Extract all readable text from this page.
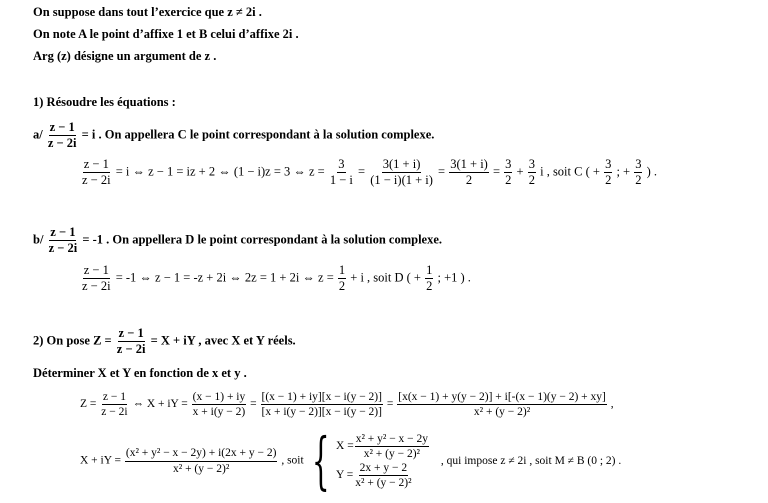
On suppose dans tout l’exercice que z ≠ 2i .
On note A le point d’affixe 1 et B celui d’affixe 2i .
Arg (z) désigne un argument de z .
1) Résoudre les équations :
$a/ \frac{z - 1}{z - 2i} = i$ . On appellera C le point correspondant à la solution complexe.
$\frac{z - 1}{z - 2i} = i$ ⇔ z − 1 = iz + 2 ⇔ (1 − i)z = 3 ⇔ $z = \frac{3}{1 - i} = \frac{3(1 + i)}{(1 - i)(1 + i)} = \frac{3(1 + i)}{2} = \frac{3}{2} + \frac{3}{2}$ i , soit C ( + $\frac{3}{2}$ ; + $\frac{3}{2}$ ) .
$b/ \frac{z - 1}{z - 2i} = -1$ . On appellera D le point correspondant à la solution complexe.
$\frac{z - 1}{z - 2i} = -1$ ⇔ z − 1 = -z + 2i ⇔ 2z = 1 + 2i ⇔ $z = \frac{1}{2} + i$ , soit D ( + $\frac{1}{2}$ ; +1 ) .
2) On pose $Z = \frac{z - 1}{z - 2i} = X$ + iY , avec X et Y réels.
Déterminer X et Y en fonction de x et y .
$Z = \frac{z - 1}{z - 2i}$ ⇔ X + iY = $\frac{(x - 1) + iy}{x + i(y - 2)} = \frac{[(x - 1) + iy][x - i(y - 2)]}{[x + i(y - 2)][x - i(y - 2)]} = \frac{[x(x - 1) + y(y - 2)] + i[-(x - 1)(y - 2) + xy]}{\text{x² + (y − 2)²}}$ ,
X + iY = $\frac{\text{(x² + y² − x − 2y) + i(2x + y − 2)}}{\text{x² + (y − 2)²}}$ , soit { $X = \frac{\text{x² + y² − x − 2y}}{\text{x² + (y − 2)²}}$
$Y = \frac{2x + y - 2}{\text{x² + (y − 2)²}}$
, qui impose z ≠ 2i , soit M ≠ B (0 ; 2) .
